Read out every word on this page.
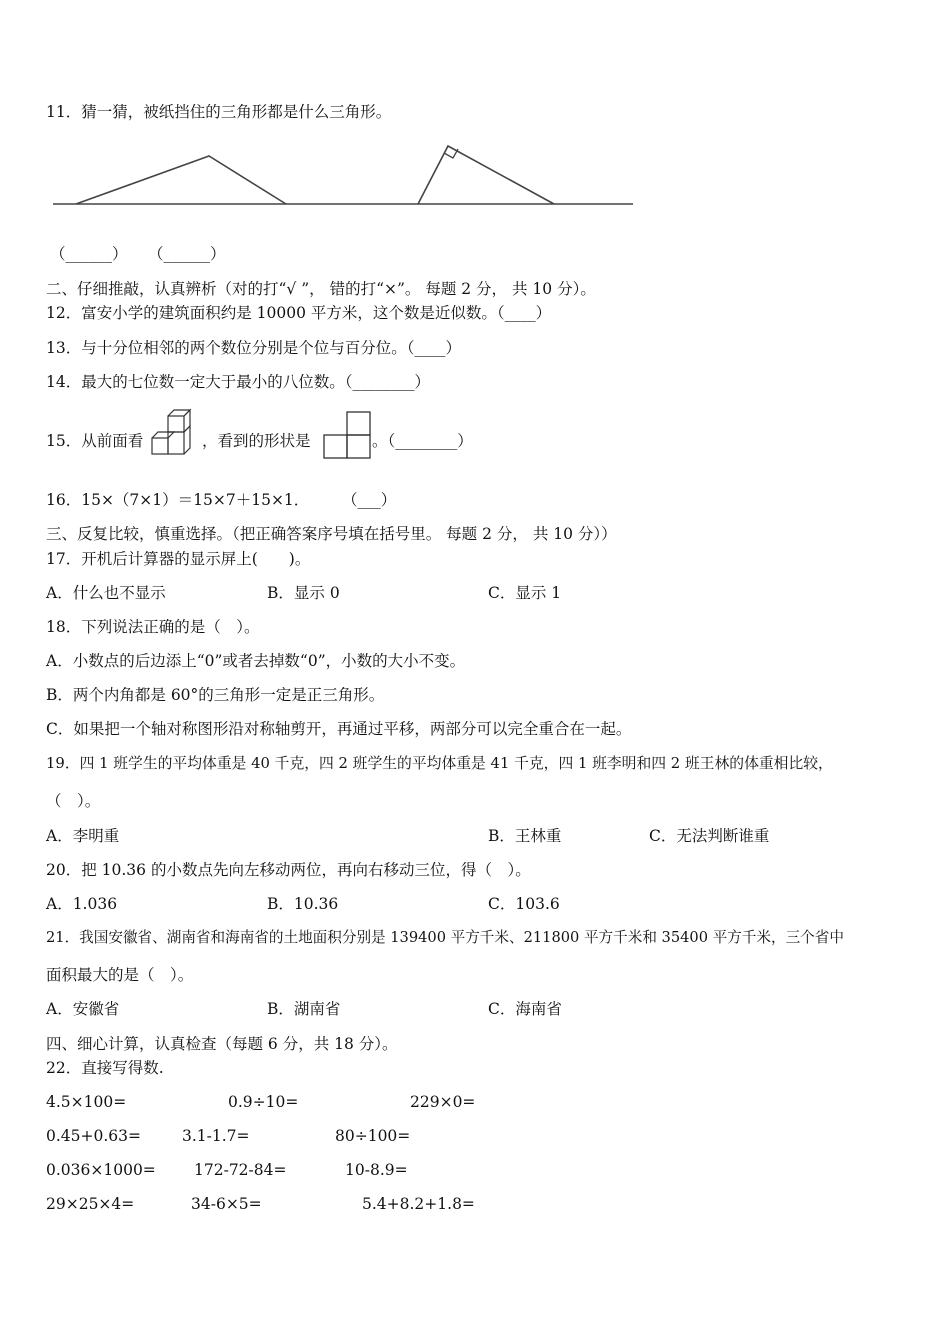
11．猜一猜，被纸挡住的三角形都是什么三角形。
（______） （______）
二、仔细推敲，认真辨析（对的打“√ ”， 错的打“×”。 每题 2 分， 共 10 分）。
12．富安小学的建筑面积约是 10000 平方米，这个数是近似数。（____）
13．与十分位相邻的两个数位分别是个位与百分位。（____）
14．最大的七位数一定大于最小的八位数。（________）
15．从前面看	，看到的形状是	。（________）
16．15×（7×1）＝15×7＋15×1． （___）
三、反复比较，慎重选择。（把正确答案序号填在括号里。 每题 2 分， 共 10 分））
17．开机后计算器的显示屏上(　　)。
A．什么也不显示	B．显示 0	C．显示 1
18．下列说法正确的是（　）。
A．小数点的后边添上“0”或者去掉数“0”，小数的大小不变。
B．两个内角都是 60°的三角形一定是正三角形。
C．如果把一个轴对称图形沿对称轴剪开，再通过平移，两部分可以完全重合在一起。
19．四 1 班学生的平均体重是 40 千克，四 2 班学生的平均体重是 41 千克，四 1 班李明和四 2 班王林的体重相比较，
（　）。
A．李明重	B．王林重	C．无法判断谁重
20．把 10.36 的小数点先向左移动两位，再向右移动三位，得（　）。
A．1.036	B．10.36	C．103.6
21．我国安徽省、湖南省和海南省的土地面积分别是 139400 平方千米、211800 平方千米和 35400 平方千米，三个省中
面积最大的是（　）。
A．安徽省	B．湖南省	C．海南省
四、细心计算，认真检查（每题 6 分，共 18 分）。
22．直接写得数.
4.5×100=	0.9÷10=	229×0=
0.45+0.63=	3.1-1.7=	80÷100=
0.036×1000= 172-72-84=	10-8.9=
29×25×4=	34-6×5=	5.4+8.2+1.8=
